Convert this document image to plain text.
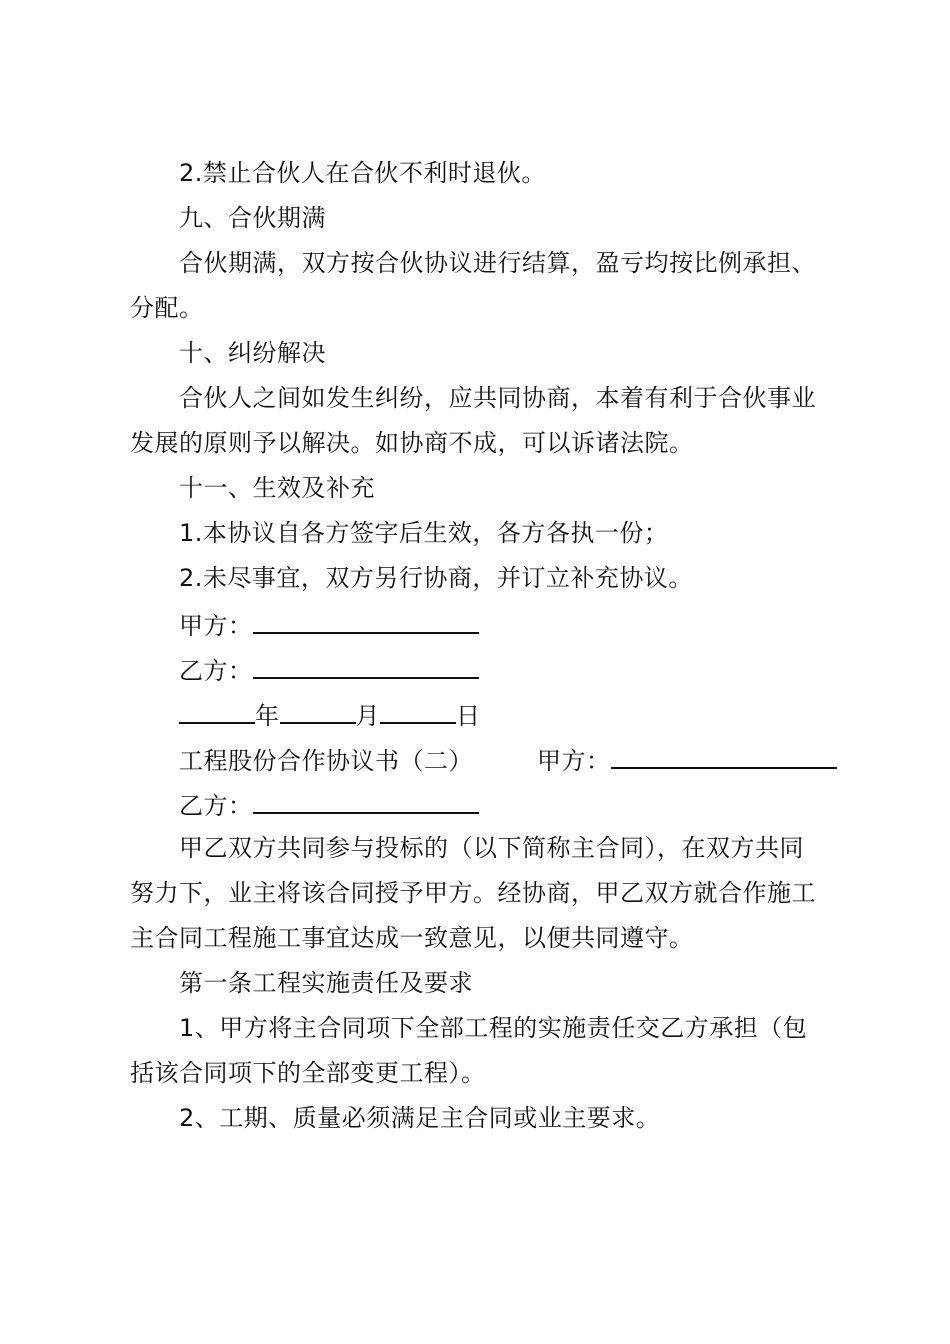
2.禁止合伙人在合伙不利时退伙。
九、合伙期满
合伙期满，双方按合伙协议进行结算，盈亏均按比例承担、
分配。
十、纠纷解决
合伙人之间如发生纠纷，应共同协商，本着有利于合伙事业
发展的原则予以解决。如协商不成，可以诉诸法院。
十一、生效及补充
1.本协议自各方签字后生效，各方各执一份；
2.未尽事宜，双方另行协商，并订立补充协议。
甲方：
乙方：
年	月	日
工程股份合作协议书（二）	甲方：
乙方：
甲乙双方共同参与投标的（以下简称主合同），在双方共同
努力下，业主将该合同授予甲方。经协商，甲乙双方就合作施工
主合同工程施工事宜达成一致意见，以便共同遵守。
第一条工程实施责任及要求
1、甲方将主合同项下全部工程的实施责任交乙方承担（包
括该合同项下的全部变更工程）。
2、工期、质量必须满足主合同或业主要求。
